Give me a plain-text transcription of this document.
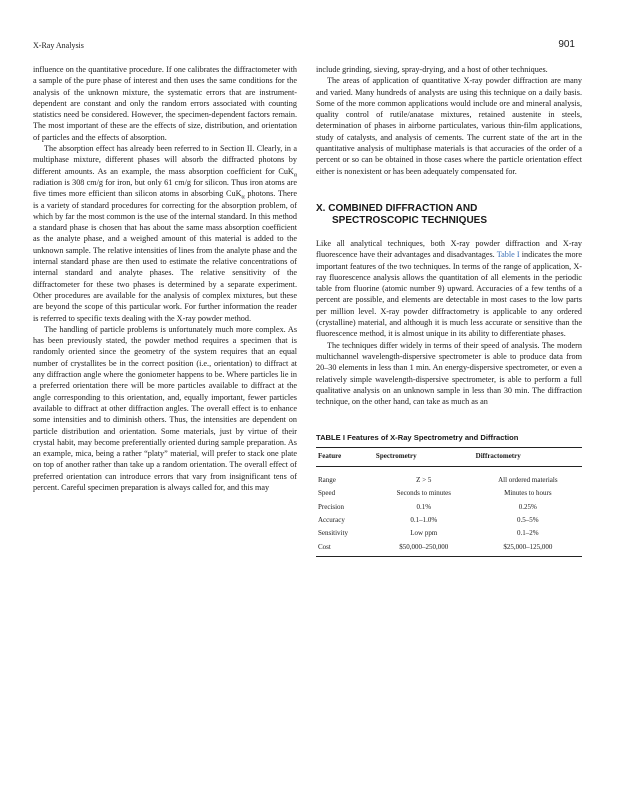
X-Ray Analysis	901

influence on the quantitative procedure. If one calibrates the diffractometer with a sample of the pure phase of interest and then uses the same conditions for the analysis of the unknown mixture, the systematic errors that are instrument-dependent are constant and only the random errors associated with counting statistics need be considered. However, the specimen-dependent factors remain. The most important of these are the effects of size, distribution, and orientation of particles and the effects of absorption.

The absorption effect has already been referred to in Section II. Clearly, in a multiphase mixture, different phases will absorb the diffracted photons by different amounts. As an example, the mass absorption coefficient for CuK$_\alpha$ radiation is 308 cm/g for iron, but only 61 cm/g for silicon. Thus iron atoms are five times more efficient than silicon atoms in absorbing CuK$_\alpha$ photons. There is a variety of standard procedures for correcting for the absorption problem, of which by far the most common is the use of the internal standard. In this method a standard phase is chosen that has about the same mass absorption coefficient as the analyte phase, and a weighed amount of this material is added to the unknown sample. The relative intensities of lines from the analyte phase and the internal standard phase are then used to estimate the relative concentrations of internal standard and analyte phases. The relative sensitivity of the diffractometer for these two phases is determined by a separate experiment. Other procedures are available for the analysis of complex mixtures, but these are beyond the scope of this particular work. For further information the reader is referred to specific texts dealing with the X-ray powder method.

The handling of particle problems is unfortunately much more complex. As has been previously stated, the powder method requires a specimen that is randomly oriented since the geometry of the system requires that an equal number of crystallites be in the correct position (i.e., orientation) to diffract at any diffraction angle where the goniometer happens to be. Where particles lie in a preferred orientation there will be more particles available to diffract at the angle corresponding to this orientation, and, equally important, fewer particles available to diffract at other diffraction angles. The overall effect is to enhance some intensities and to diminish others. Thus, the intensities are dependent on particle distribution and orientation. Some materials, just by virtue of their crystal habit, may become preferentially oriented during sample preparation. As an example, mica, being a rather “platy” material, will prefer to stack one plate on top of another rather than take up a random orientation. The overall effect of preferred orientation can introduce errors that vary from insignificant tens of percent. Careful specimen preparation is always called for, and this may

include grinding, sieving, spray-drying, and a host of other techniques.

The areas of application of quantitative X-ray powder diffraction are many and varied. Many hundreds of analysts are using this technique on a daily basis. Some of the more common applications would include ore and mineral analysis, quality control of rutile/anatase mixtures, retained austenite in steels, determination of phases in airborne particulates, various thin-film applications, study of catalysts, and analysis of cements. The current state of the art in the quantitative analysis of multiphase materials is that accuracies of the order of a percent or so can be obtained in those cases where the particle orientation effect either is nonexistent or has been adequately compensated for.

X. COMBINED DIFFRACTION AND
SPECTROSCOPIC TECHNIQUES

Like all analytical techniques, both X-ray powder diffraction and X-ray fluorescence have their advantages and disadvantages. Table I indicates the more important features of the two techniques. In terms of the range of application, X-ray fluorescence analysis allows the quantitation of all elements in the periodic table from fluorine (atomic number 9) upward. Accuracies of a few tenths of a percent are possible, and elements are detectable in most cases to the low parts per million level. X-ray powder diffractometry is applicable to any ordered (crystalline) material, and although it is much less accurate or sensitive than the fluorescence method, it is almost unique in its ability to differentiate phases.

The techniques differ widely in terms of their speed of analysis. The modern multichannel wavelength-dispersive spectrometer is able to produce data from 20–30 elements in less than 1 min. An energy-dispersive spectrometer, or even a relatively simple wavelength-dispersive spectrometer, is able to perform a full qualitative analysis on an unknown sample in less than 30 min. The diffraction technique, on the other hand, can take as much as an

TABLE I Features of X-Ray Spectrometry and Diffraction
Feature	Spectrometry	Diffractometry
Range	Z > 5	All ordered materials
Speed	Seconds to minutes	Minutes to hours
Precision	0.1%	0.25%
Accuracy	0.1–1.0%	0.5–5%
Sensitivity	Low ppm	0.1–2%
Cost	$50,000–250,000	$25,000–125,000
